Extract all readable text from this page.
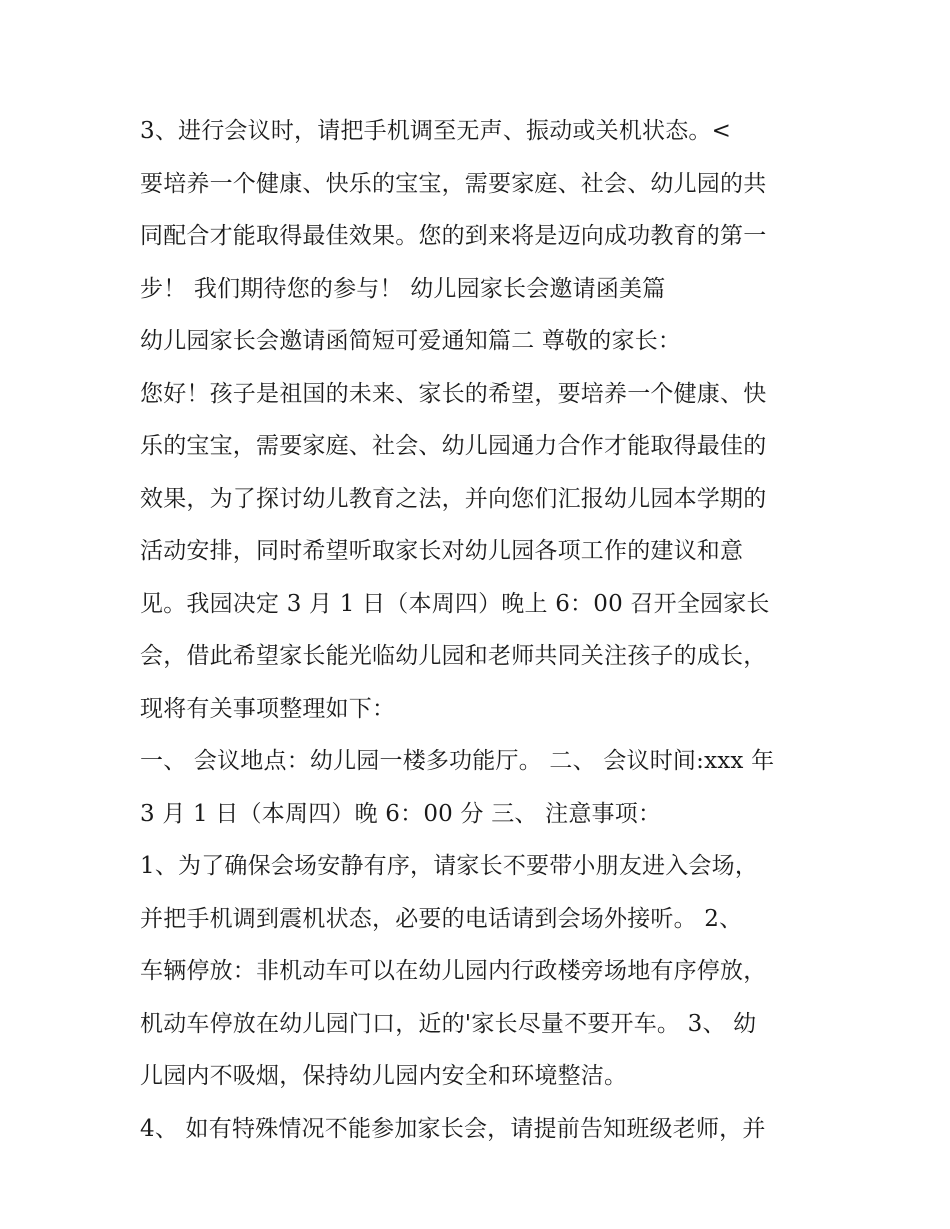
3、进行会议时，请把手机调至无声、振动或关机状态。<
要培养一个健康、快乐的宝宝，需要家庭、社会、幼儿园的共
同配合才能取得最佳效果。您的到来将是迈向成功教育的第一
步！ 我们期待您的参与！ 幼儿园家长会邀请函美篇
幼儿园家长会邀请函简短可爱通知篇二 尊敬的家长：
您好！孩子是祖国的未来、家长的希望，要培养一个健康、快
乐的宝宝，需要家庭、社会、幼儿园通力合作才能取得最佳的
效果，为了探讨幼儿教育之法，并向您们汇报幼儿园本学期的
活动安排，同时希望听取家长对幼儿园各项工作的建议和意
见。我园决定 3 月 1 日（本周四）晚上 6：00 召开全园家长
会，借此希望家长能光临幼儿园和老师共同关注孩子的成长，
现将有关事项整理如下：
一、 会议地点：幼儿园一楼多功能厅。 二、 会议时间:xxx 年
3 月 1 日（本周四）晚 6：00 分 三、 注意事项：
1、为了确保会场安静有序，请家长不要带小朋友进入会场，
并把手机调到震机状态，必要的电话请到会场外接听。 2、
车辆停放：非机动车可以在幼儿园内行政楼旁场地有序停放，
机动车停放在幼儿园门口，近的'家长尽量不要开车。 3、 幼
儿园内不吸烟，保持幼儿园内安全和环境整洁。
4、 如有特殊情况不能参加家长会，请提前告知班级老师，并
